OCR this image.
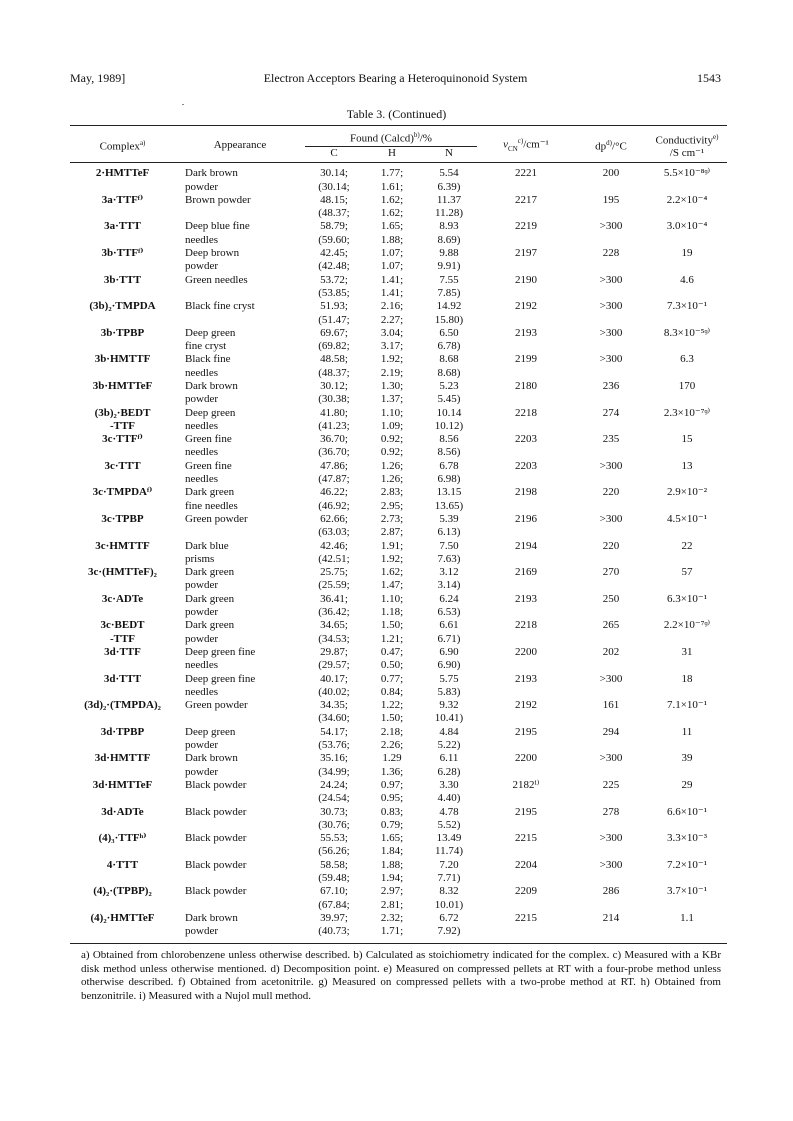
May, 1989]	Electron Acceptors Bearing a Heteroquinonoid System	1543
Table 3. (Continued)
Complex$^{a)}$	Appearance	Found (Calcd)$^{b)}$/%			$\nu_{CN}^{c)}/cm^{-1}$	$dp^{d)}/^\circ C$	Conductivity$^{e)}$
/S cm⁻¹
		C	H	N			
2·HMTTeF	Dark brown	30.14;	1.77;	5.54	2221	200	5.5×10⁻⁸ᶢ⁾
	powder	(30.14;	1.61;	6.39)			
3a·TTFᶠ⁾	Brown powder	48.15;	1.62;	11.37	2217	195	2.2×10⁻⁴
		(48.37;	1.62;	11.28)			
3a·TTT	Deep blue fine	58.79;	1.65;	8.93	2219	>300	3.0×10⁻⁴
	needles	(59.60;	1.88;	8.69)			
3b·TTFᶠ⁾	Deep brown	42.45;	1.07;	9.88	2197	228	19
	powder	(42.48;	1.07;	9.91)			
3b·TTT	Green needles	53.72;	1.41;	7.55	2190	>300	4.6
		(53.85;	1.41;	7.85)			
(3b)₂·TMPDA	Black fine cryst	51.93;	2.16;	14.92	2192	>300	7.3×10⁻¹
		(51.47;	2.27;	15.80)			
3b·TPBP	Deep green	69.67;	3.04;	6.50	2193	>300	8.3×10⁻⁵ᶢ⁾
	fine cryst	(69.82;	3.17;	6.78)			
3b·HMTTF	Black fine	48.58;	1.92;	8.68	2199	>300	6.3
	needles	(48.37;	2.19;	8.68)			
3b·HMTTeF	Dark brown	30.12;	1.30;	5.23	2180	236	170
	powder	(30.38;	1.37;	5.45)			
(3b)₂·BEDT	Deep green	41.80;	1.10;	10.14	2218	274	2.3×10⁻⁷ᶢ⁾
-TTF	needles	(41.23;	1.09;	10.12)			
3c·TTFᶠ⁾	Green fine	36.70;	0.92;	8.56	2203	235	15
	needles	(36.70;	0.92;	8.56)			
3c·TTT	Green fine	47.86;	1.26;	6.78	2203	>300	13
	needles	(47.87;	1.26;	6.98)			
3c·TMPDAᶠ⁾	Dark green	46.22;	2.83;	13.15	2198	220	2.9×10⁻²
	fine needles	(46.92;	2.95;	13.65)			
3c·TPBP	Green powder	62.66;	2.73;	5.39	2196	>300	4.5×10⁻¹
		(63.03;	2.87;	6.13)			
3c·HMTTF	Dark blue	42.46;	1.91;	7.50	2194	220	22
	prisms	(42.51;	1.92;	7.63)			
3c·(HMTTeF)₂	Dark green	25.75;	1.62;	3.12	2169	270	57
	powder	(25.59;	1.47;	3.14)			
3c·ADTe	Dark green	36.41;	1.10;	6.24	2193	250	6.3×10⁻¹
	powder	(36.42;	1.18;	6.53)			
3c·BEDT	Dark green	34.65;	1.50;	6.61	2218	265	2.2×10⁻⁷ᶢ⁾
-TTF	powder	(34.53;	1.21;	6.71)			
3d·TTF	Deep green fine	29.87;	0.47;	6.90	2200	202	31
	needles	(29.57;	0.50;	6.90)			
3d·TTT	Deep green fine	40.17;	0.77;	5.75	2193	>300	18
	needles	(40.02;	0.84;	5.83)			
(3d)₂·(TMPDA)₂	Green powder	34.35;	1.22;	9.32	2192	161	7.1×10⁻¹
		(34.60;	1.50;	10.41)			
3d·TPBP	Deep green	54.17;	2.18;	4.84	2195	294	11
	powder	(53.76;	2.26;	5.22)			
3d·HMTTF	Dark brown	35.16;	1.29	6.11	2200	>300	39
	powder	(34.99;	1.36;	6.28)			
3d·HMTTeF	Black powder	24.24;	0.97;	3.30	2182ⁱ⁾	225	29
		(24.54;	0.95;	4.40)			
3d·ADTe	Black powder	30.73;	0.83;	4.78	2195	278	6.6×10⁻¹
		(30.76;	0.79;	5.52)			
(4)₃·TTFʰ⁾	Black powder	55.53;	1.65;	13.49	2215	>300	3.3×10⁻³
		(56.26;	1.84;	11.74)			
4·TTT	Black powder	58.58;	1.88;	7.20	2204	>300	7.2×10⁻¹
		(59.48;	1.94;	7.71)			
(4)₂·(TPBP)₂	Black powder	67.10;	2.97;	8.32	2209	286	3.7×10⁻¹
		(67.84;	2.81;	10.01)			
(4)₂·HMTTeF	Dark brown	39.97;	2.32;	6.72	2215	214	1.1
	powder	(40.73;	1.71;	7.92)			
a) Obtained from chlorobenzene unless otherwise described. b) Calculated as stoichiometry indicated for the complex. c) Measured with a KBr disk method unless otherwise mentioned. d) Decomposition point. e) Measured on compressed pellets at RT with a four-probe method unless otherwise described. f) Obtained from acetonitrile. g) Measured on compressed pellets with a two-probe method at RT. h) Obtained from benzonitrile. i) Measured with a Nujol mull method.
